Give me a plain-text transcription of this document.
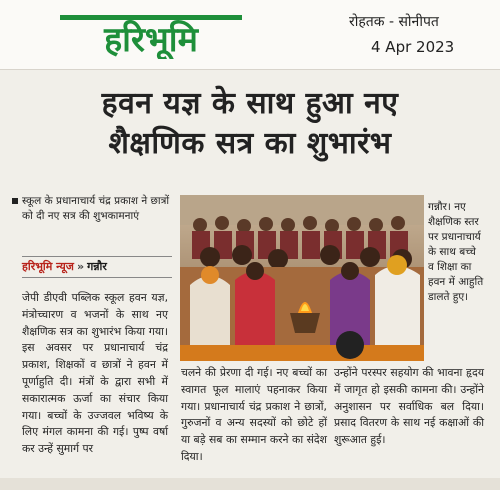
हरिभूमि	रोहतक - सोनीपत
4 Apr 2023
हवन यज्ञ के साथ हुआ नए
शैक्षणिक सत्र का शुभारंभ
स्कूल के प्रधानाचार्य चंद्र प्रकाश ने छात्रों को दी नए सत्र की शुभकामनाएं
हरिभूमि न्यूज » गन्नौर
जेपी डीएवी पब्लिक स्कूल हवन यज्ञ, मंत्रोच्चारण व भजनों के साथ नए शैक्षणिक सत्र का शुभारंभ किया गया। इस अवसर पर प्रधानाचार्य चंद्र प्रकाश, शिक्षकों व छात्रों ने हवन में पूर्णाहुति दी। मंत्रों के द्वारा सभी में सकारात्मक ऊर्जा का संचार किया गया। बच्चों के उज्जवल भविष्य के लिए मंगल कामना की गई। पुष्प वर्षा कर उन्हें सुमार्ग पर
गन्नौर। नए शैक्षणिक स्तर पर प्रधानाचार्य के साथ बच्चे व शिक्षा का हवन में आहुति डालते हुए।
चलने की प्रेरणा दी गई। नए बच्चों का स्वागत फूल मालाएं पहनाकर किया गया। प्रधानाचार्य चंद्र प्रकाश ने छात्रों, गुरुजनों व अन्य सदस्यों को छोटे हों या बड़े सब का सम्मान करने का संदेश दिया।
उन्होंने परस्पर सहयोग की भावना हृदय में जागृत हो इसकी कामना की। उन्होंने अनुशासन पर सर्वाधिक बल दिया। प्रसाद वितरण के साथ नई कक्षाओं की शुरूआत हुई।
